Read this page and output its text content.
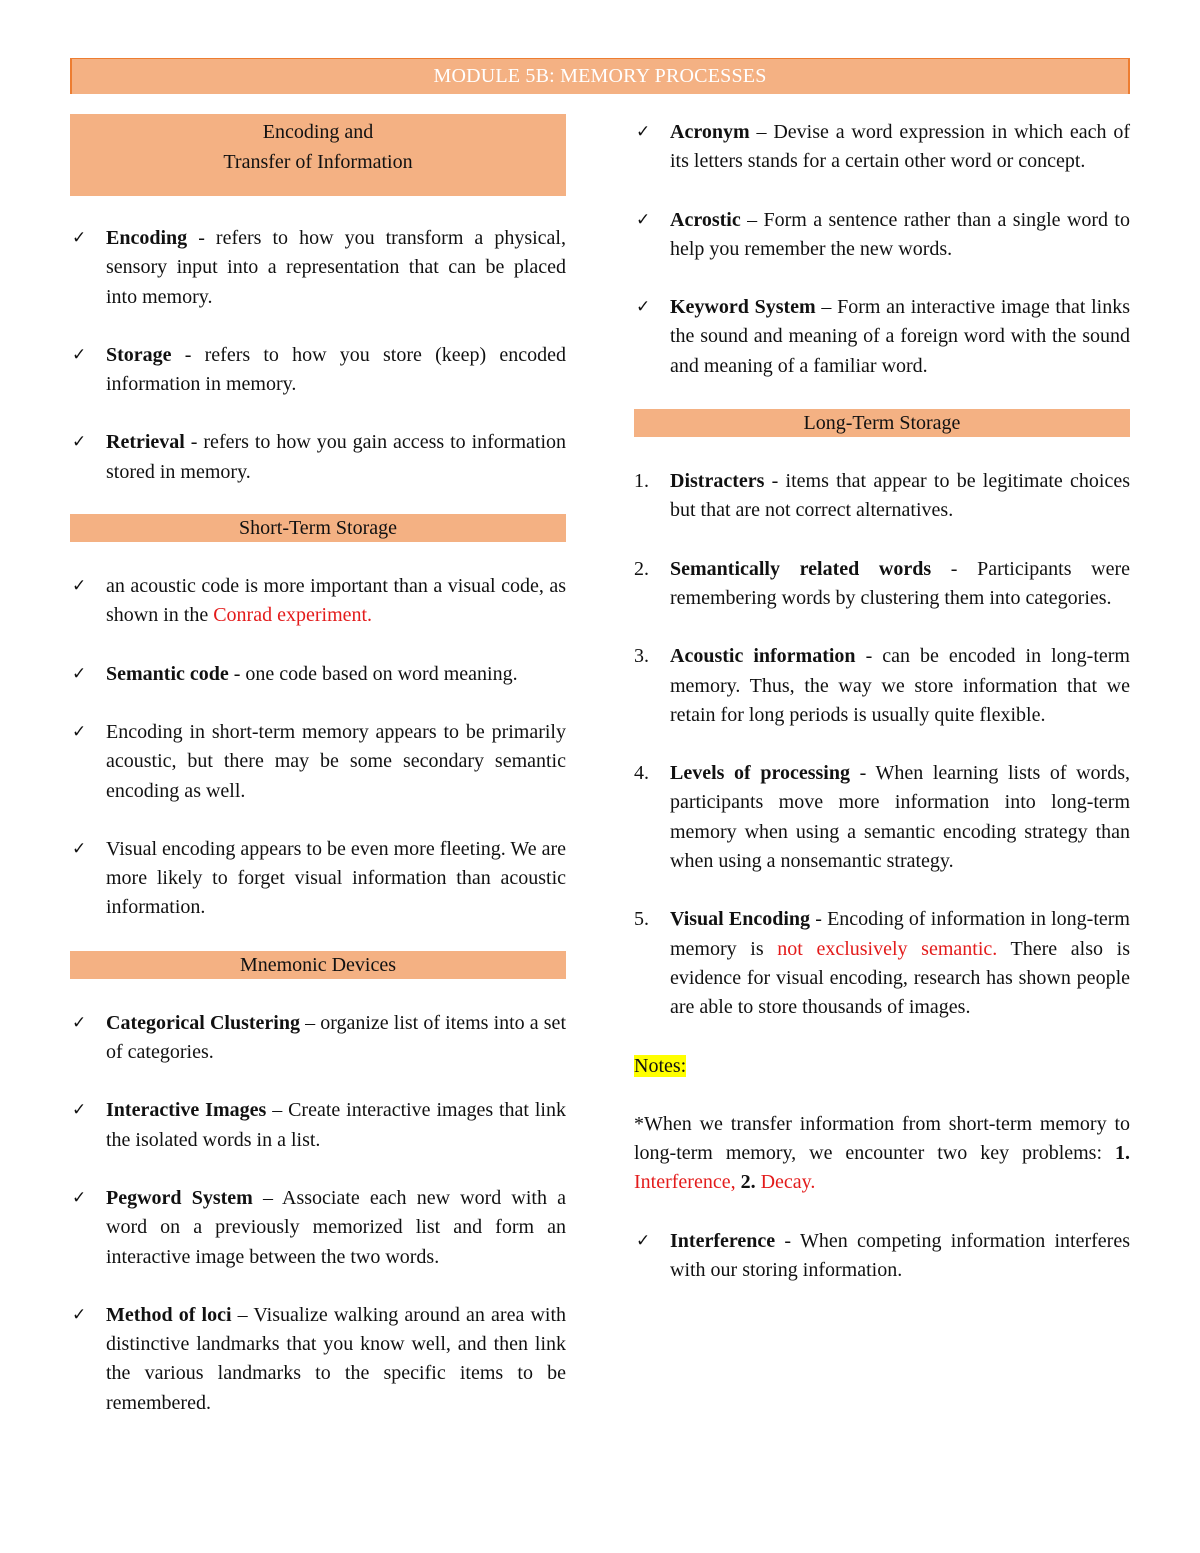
MODULE 5B: MEMORY PROCESSES
Encoding and
Transfer of Information
✓ Encoding - refers to how you transform a physical, sensory input into a representation that can be placed into memory.
✓ Storage - refers to how you store (keep) encoded information in memory.
✓ Retrieval - refers to how you gain access to information stored in memory.
Short-Term Storage
✓ an acoustic code is more important than a visual code, as shown in the Conrad experiment.
✓ Semantic code - one code based on word meaning.
✓ Encoding in short-term memory appears to be primarily acoustic, but there may be some secondary semantic encoding as well.
✓ Visual encoding appears to be even more fleeting. We are more likely to forget visual information than acoustic information.
Mnemonic Devices
✓ Categorical Clustering – organize list of items into a set of categories.
✓ Interactive Images – Create interactive images that link the isolated words in a list.
✓ Pegword System – Associate each new word with a word on a previously memorized list and form an interactive image between the two words.
✓ Method of loci – Visualize walking around an area with distinctive landmarks that you know well, and then link the various landmarks to the specific items to be remembered.
✓ Acronym – Devise a word expression in which each of its letters stands for a certain other word or concept.
✓ Acrostic – Form a sentence rather than a single word to help you remember the new words.
✓ Keyword System – Form an interactive image that links the sound and meaning of a foreign word with the sound and meaning of a familiar word.
Long-Term Storage
1. Distracters - items that appear to be legitimate choices but that are not correct alternatives.
2. Semantically related words - Participants were remembering words by clustering them into categories.
3. Acoustic information - can be encoded in long-term memory. Thus, the way we store information that we retain for long periods is usually quite flexible.
4. Levels of processing - When learning lists of words, participants move more information into long-term memory when using a semantic encoding strategy than when using a nonsemantic strategy.
5. Visual Encoding - Encoding of information in long-term memory is not exclusively semantic. There also is evidence for visual encoding, research has shown people are able to store thousands of images.
Notes:
*When we transfer information from short-term memory to long-term memory, we encounter two key problems: 1. Interference, 2. Decay.
✓ Interference - When competing information interferes with our storing information.
